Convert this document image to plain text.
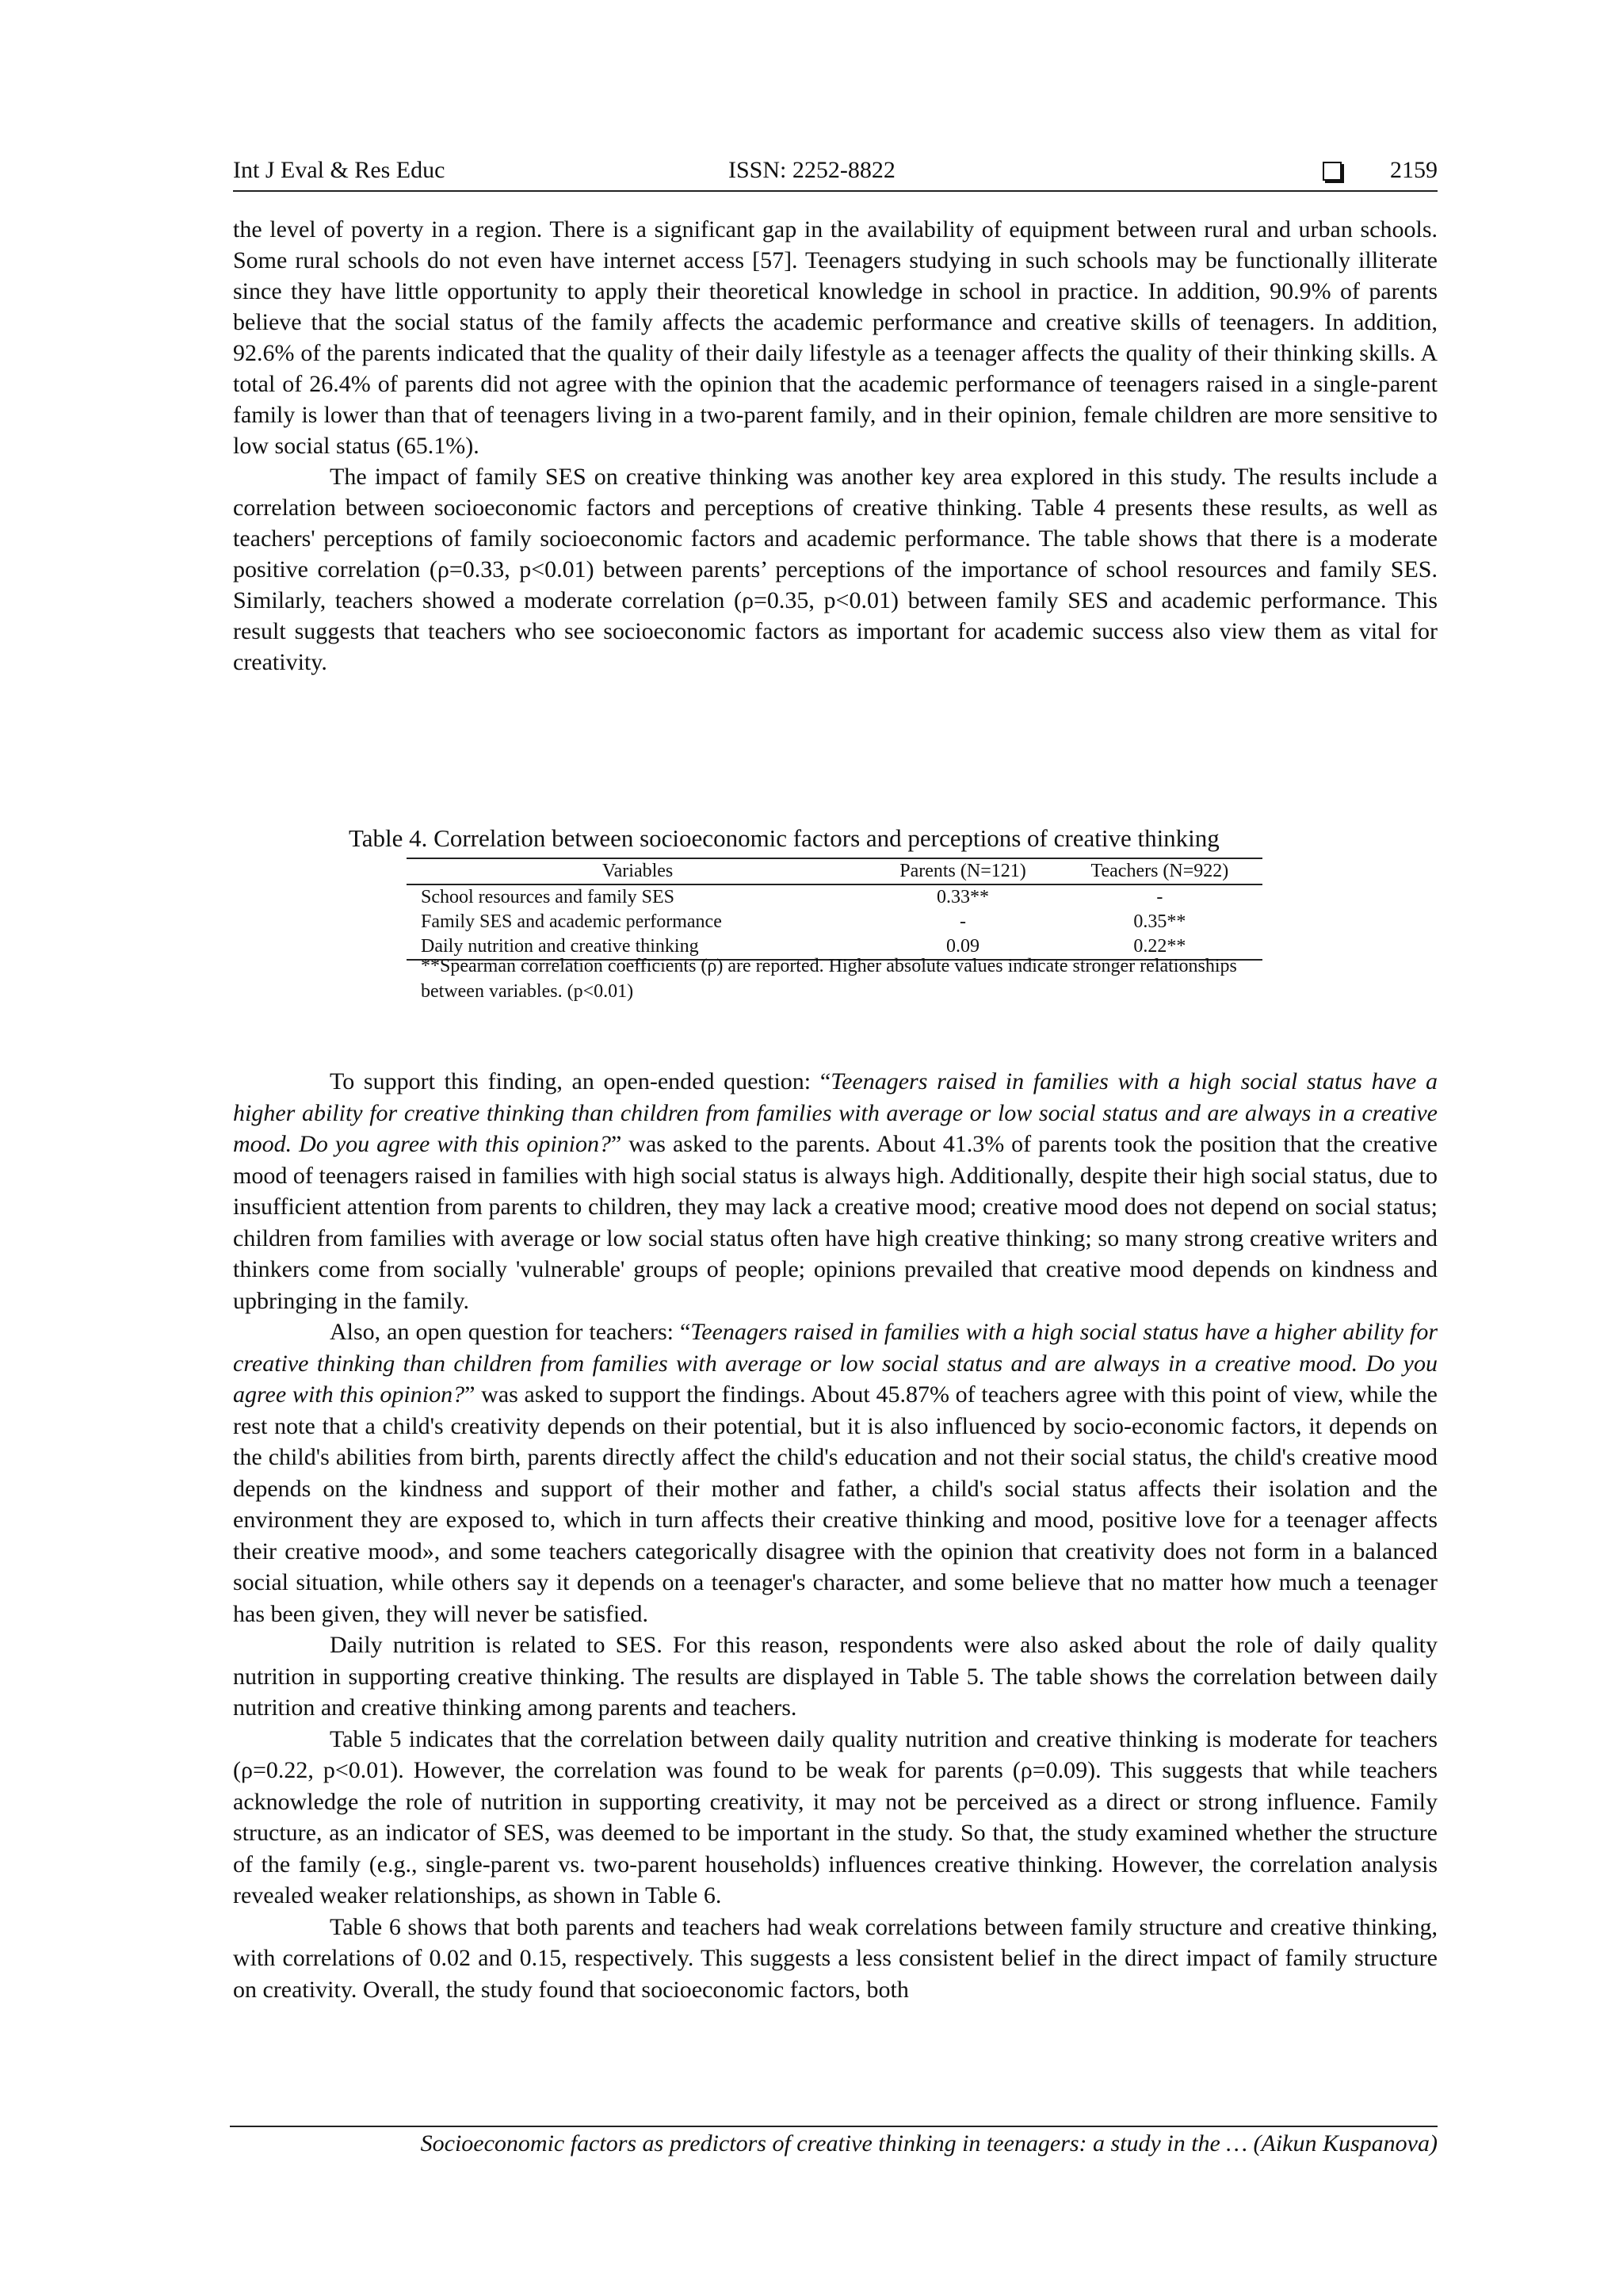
Int J Eval & Res Educ	ISSN: 2252-8822	2159

the level of poverty in a region. There is a significant gap in the availability of equipment between rural and urban schools. Some rural schools do not even have internet access [57]. Teenagers studying in such schools may be functionally illiterate since they have little opportunity to apply their theoretical knowledge in school in practice. In addition, 90.9% of parents believe that the social status of the family affects the academic performance and creative skills of teenagers. In addition, 92.6% of the parents indicated that the quality of their daily lifestyle as a teenager affects the quality of their thinking skills. A total of 26.4% of parents did not agree with the opinion that the academic performance of teenagers raised in a single-parent family is lower than that of teenagers living in a two-parent family, and in their opinion, female children are more sensitive to low social status (65.1%).

The impact of family SES on creative thinking was another key area explored in this study. The results include a correlation between socioeconomic factors and perceptions of creative thinking. Table 4 presents these results, as well as teachers' perceptions of family socioeconomic factors and academic performance. The table shows that there is a moderate positive correlation (ρ=0.33, p<0.01) between parents’ perceptions of the importance of school resources and family SES. Similarly, teachers showed a moderate correlation (ρ=0.35, p<0.01) between family SES and academic performance. This result suggests that teachers who see socioeconomic factors as important for academic success also view them as vital for creativity.

Table 4. Correlation between socioeconomic factors and perceptions of creative thinking
Variables	Parents (N=121)	Teachers (N=922)
School resources and family SES	0.33**	-
Family SES and academic performance	-	0.35**
Daily nutrition and creative thinking	0.09	0.22**
**Spearman correlation coefficients (ρ) are reported. Higher absolute values indicate stronger relationships between variables. (p<0.01)

To support this finding, an open-ended question: “Teenagers raised in families with a high social status have a higher ability for creative thinking than children from families with average or low social status and are always in a creative mood. Do you agree with this opinion?” was asked to the parents. About 41.3% of parents took the position that the creative mood of teenagers raised in families with high social status is always high. Additionally, despite their high social status, due to insufficient attention from parents to children, they may lack a creative mood; creative mood does not depend on social status; children from families with average or low social status often have high creative thinking; so many strong creative writers and thinkers come from socially 'vulnerable' groups of people; opinions prevailed that creative mood depends on kindness and upbringing in the family.

Also, an open question for teachers: “Teenagers raised in families with a high social status have a higher ability for creative thinking than children from families with average or low social status and are always in a creative mood. Do you agree with this opinion?” was asked to support the findings. About 45.87% of teachers agree with this point of view, while the rest note that a child's creativity depends on their potential, but it is also influenced by socio-economic factors, it depends on the child's abilities from birth, parents directly affect the child's education and not their social status, the child's creative mood depends on the kindness and support of their mother and father, a child's social status affects their isolation and the environment they are exposed to, which in turn affects their creative thinking and mood, positive love for a teenager affects their creative mood», and some teachers categorically disagree with the opinion that creativity does not form in a balanced social situation, while others say it depends on a teenager's character, and some believe that no matter how much a teenager has been given, they will never be satisfied.

Daily nutrition is related to SES. For this reason, respondents were also asked about the role of daily quality nutrition in supporting creative thinking. The results are displayed in Table 5. The table shows the correlation between daily nutrition and creative thinking among parents and teachers.

Table 5 indicates that the correlation between daily quality nutrition and creative thinking is moderate for teachers (ρ=0.22, p<0.01). However, the correlation was found to be weak for parents (ρ=0.09). This suggests that while teachers acknowledge the role of nutrition in supporting creativity, it may not be perceived as a direct or strong influence. Family structure, as an indicator of SES, was deemed to be important in the study. So that, the study examined whether the structure of the family (e.g., single-parent vs. two-parent households) influences creative thinking. However, the correlation analysis revealed weaker relationships, as shown in Table 6.

Table 6 shows that both parents and teachers had weak correlations between family structure and creative thinking, with correlations of 0.02 and 0.15, respectively. This suggests a less consistent belief in the direct impact of family structure on creativity. Overall, the study found that socioeconomic factors, both

Socioeconomic factors as predictors of creative thinking in teenagers: a study in the … (Aikun Kuspanova)
